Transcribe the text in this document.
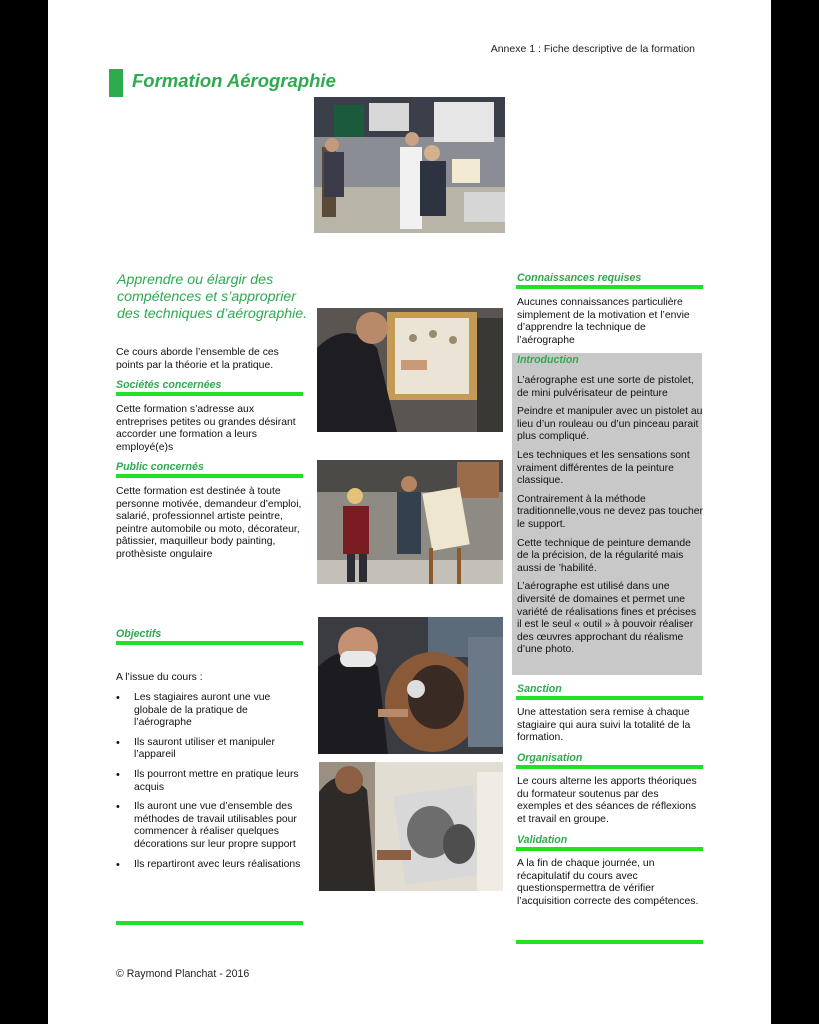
Annexe 1 : Fiche descriptive de la formation
Formation Aérographie
Apprendre ou élargir des compétences et s’approprier des techniques d’aérographie.
Ce cours aborde l’ensemble de ces points par la théorie et la pratique.
Sociétés concernées
Cette formation s’adresse aux entreprises petites ou grandes désirant accorder une formation a leurs employé(e)s
Public concernés
Cette formation est destinée à toute personne motivée, demandeur d’emploi, salarié, professionnel artiste peintre, peintre automobile ou moto, décorateur, pâtissier, maquilleur body painting, prothèsiste ongulaire
Objectifs
A l’issue du cours :
• Les stagiaires auront une vue globale de la pratique de l’aérographe
• Ils sauront utiliser et manipuler l’appareil
• Ils pourront mettre en pratique leurs acquis
• Ils auront une vue d’ensemble des méthodes de travail utilisables pour commencer à réaliser quelques décorations sur leur propre support
• Ils repartiront avec leurs réalisations
Connaissances requises
Aucunes connaissances particulière simplement de la motivation et l’envie d’apprendre la technique de l’aérographe
Introduction

L’aérographe est une sorte de pistolet, de mini pulvérisateur de peinture

Peindre et manipuler avec un pistolet au lieu d’un rouleau ou d’un pinceau parait plus compliqué.

Les techniques et les sensations sont vraiment différentes de la peinture classique.

Contrairement à la méthode traditionnelle,vous ne devez pas toucher le support.

Cette technique de peinture demande de la précision, de la régularité mais aussi de ’habilité.

L’aérographe est utilisé dans une diversité de domaines et permet une variété de réalisations fines et précises il est le seul « outil » à pouvoir réaliser des œuvres approchant du réalisme d’une photo.

Sanction
Une attestation sera remise à chaque stagiaire qui aura suivi la totalité de la formation.
Organisation
Le cours alterne les apports théoriques du formateur soutenus par des exemples et des séances de réflexions et travail en groupe.
Validation
A la fin de chaque journée, un récapitulatif du cours avec questionspermettra de vérifier l’acquisition correcte des compétences.
© Raymond Planchat - 2016
